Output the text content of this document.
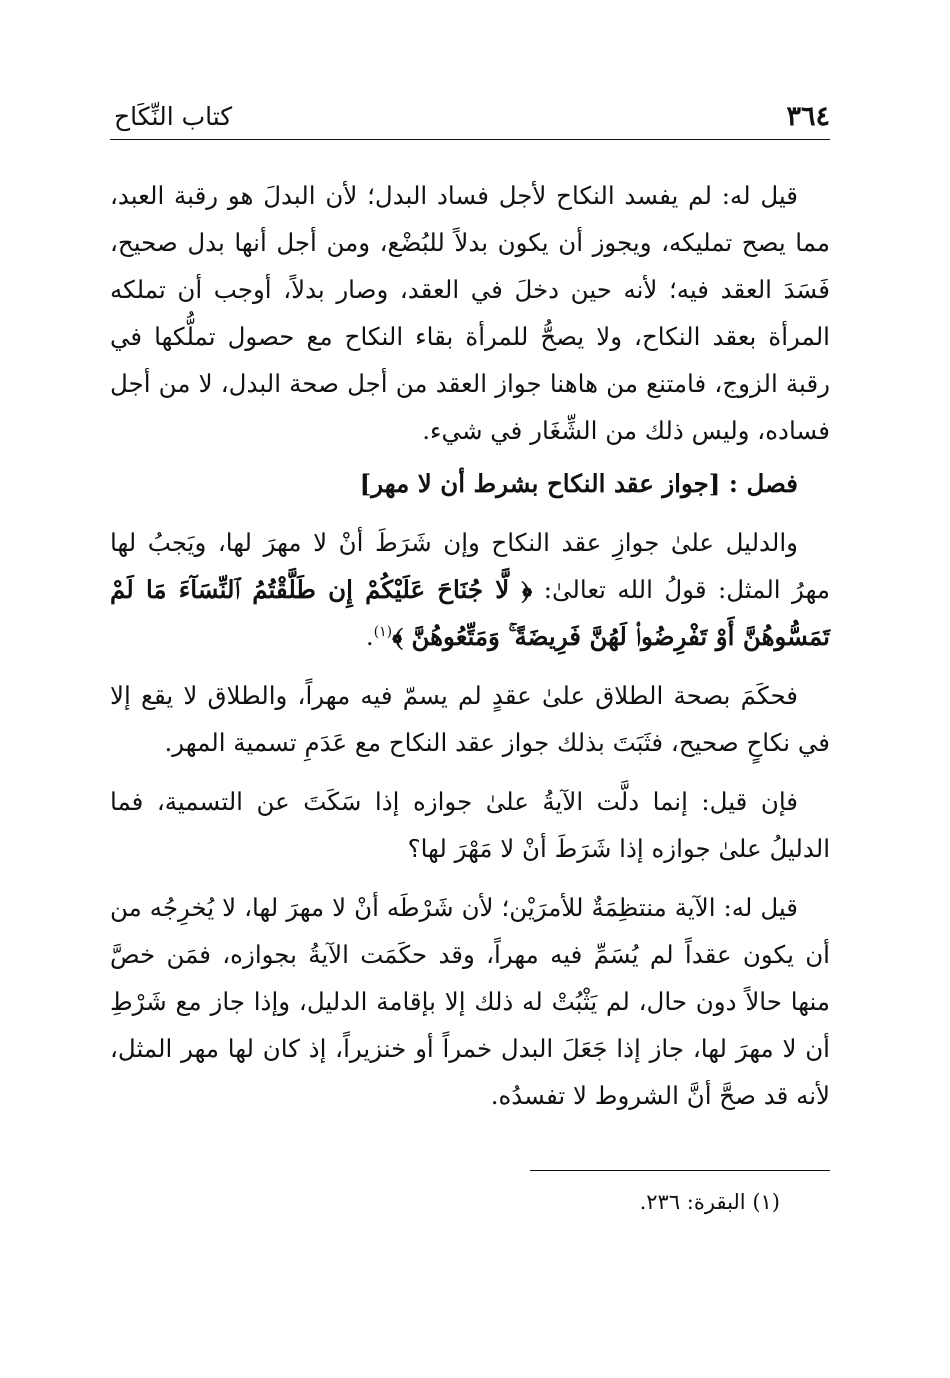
٣٦٤
كتاب النِّكَاح

قيل له: لم يفسد النكاح لأجل فساد البدل؛ لأن البدلَ هو رقبة العبد، مما يصح تمليكه، ويجوز أن يكون بدلاً للبُضْع، ومن أجل أنها بدل صحيح، فَسَدَ العقد فيه؛ لأنه حين دخلَ في العقد، وصار بدلاً، أوجب أن تملكه المرأة بعقد النكاح، ولا يصحُّ للمرأة بقاء النكاح مع حصول تملُّكها في رقبة الزوج، فامتنع من هاهنا جواز العقد من أجل صحة البدل، لا من أجل فساده، وليس ذلك من الشِّغَار في شيء.

فصل : [جواز عقد النكاح بشرط أن لا مهر]

والدليل علىٰ جوازِ عقد النكاح وإن شَرَطَ أنْ لا مهرَ لها، ويَجبُ لها مهرُ المثل: قولُ الله تعالىٰ: ﴿ لَّا جُنَاحَ عَلَيْكُمْ إِن طَلَّقْتُمُ ٱلنِّسَآءَ مَا لَمْ تَمَسُّوهُنَّ أَوْ تَفْرِضُوا۟ لَهُنَّ فَرِيضَةً ۚ وَمَتِّعُوهُنَّ ﴾$^{(١)}$.

فحكَمَ بصحة الطلاق علىٰ عقدٍ لم يسمّ فيه مهراً، والطلاق لا يقع إلا في نكاحٍ صحيح، فثَبَتَ بذلك جواز عقد النكاح مع عَدَمِ تسمية المهر.

فإن قيل: إنما دلَّت الآيةُ علىٰ جوازه إذا سَكَتَ عن التسمية، فما الدليلُ علىٰ جوازه إذا شَرَطَ أنْ لا مَهْرَ لها؟

قيل له: الآية منتظِمَةٌ للأمرَيْن؛ لأن شَرْطَه أنْ لا مهرَ لها، لا يُخرِجُه من أن يكون عقداً لم يُسَمِّ فيه مهراً، وقد حكَمَت الآيةُ بجوازه، فمَن خصَّ منها حالاً دون حال، لم يَثْبُتْ له ذلك إلا بإقامة الدليل، وإذا جاز مع شَرْطِ أن لا مهرَ لها، جاز إذا جَعَلَ البدل خمراً أو خنزيراً، إذ كان لها مهر المثل، لأنه قد صحَّ أنَّ الشروط لا تفسدُه.

(١) البقرة: ٢٣٦.
